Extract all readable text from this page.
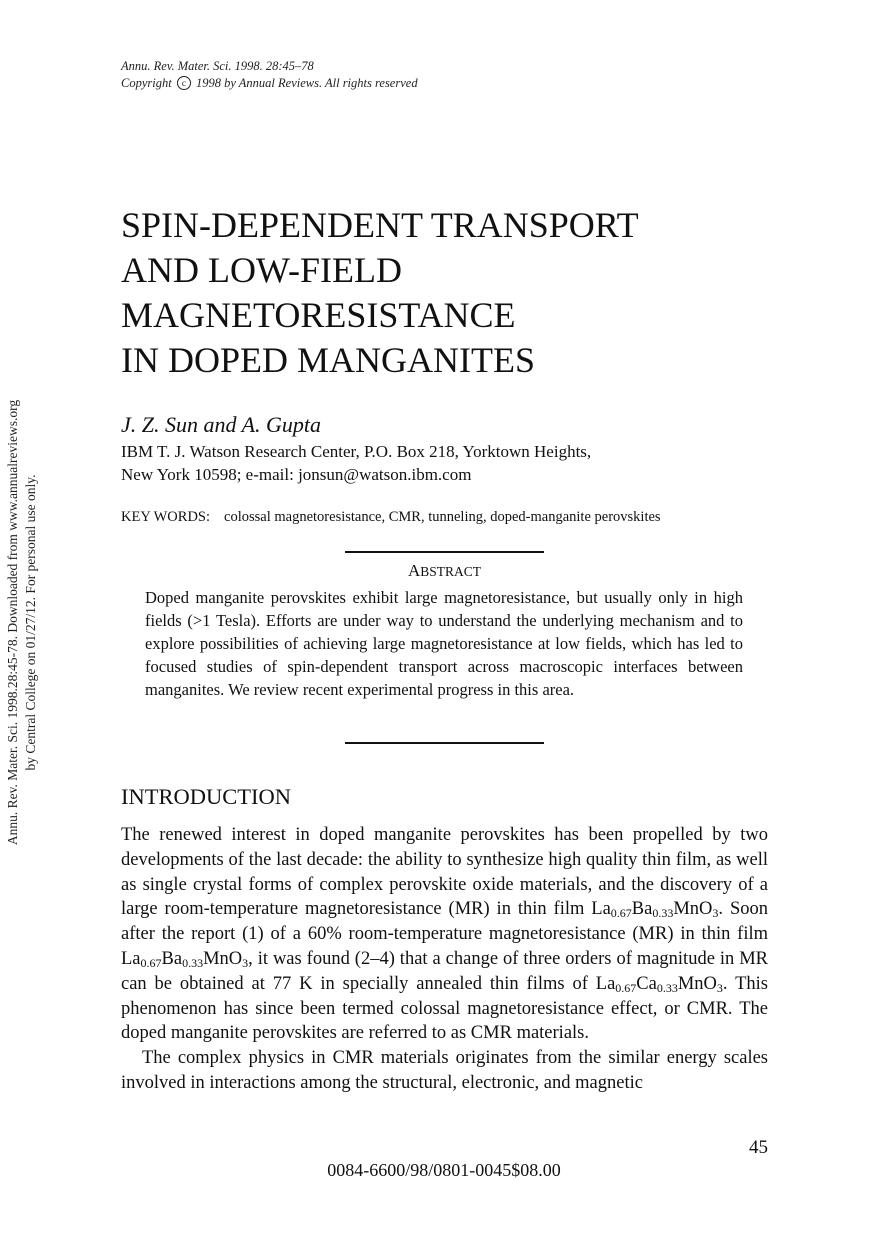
Annu. Rev. Mater. Sci. 1998. 28:45–78
Copyright c 1998 by Annual Reviews. All rights reserved
Annu. Rev. Mater. Sci. 1998.28:45-78. Downloaded from www.annualreviews.org by Central College on 01/27/12. For personal use only.
SPIN-DEPENDENT TRANSPORT
AND LOW-FIELD
MAGNETORESISTANCE
IN DOPED MANGANITES
J. Z. Sun and A. Gupta
IBM T. J. Watson Research Center, P.O. Box 218, Yorktown Heights,
New York 10598; e-mail: jonsun@watson.ibm.com
KEY WORDS: colossal magnetoresistance, CMR, tunneling, doped-manganite perovskites
ABSTRACT
Doped manganite perovskites exhibit large magnetoresistance, but usually only in high fields (>1 Tesla). Efforts are under way to understand the underlying mechanism and to explore possibilities of achieving large magnetoresistance at low fields, which has led to focused studies of spin-dependent transport across macroscopic interfaces between manganites. We review recent experimental progress in this area.
INTRODUCTION

The renewed interest in doped manganite perovskites has been propelled by two developments of the last decade: the ability to synthesize high quality thin film, as well as single crystal forms of complex perovskite oxide materials, and the discovery of a large room-temperature magnetoresistance (MR) in thin film $La_{0.67}Ba_{0.33}MnO_3$. Soon after the report (1) of a 60% room-temperature magnetoresistance (MR) in thin film $La_{0.67}Ba_{0.33}MnO_3$, it was found (2–4) that a change of three orders of magnitude in MR can be obtained at 77 K in specially annealed thin films of $La_{0.67}Ca_{0.33}MnO_3$. This phenomenon has since been termed colossal magnetoresistance effect, or CMR. The doped manganite perovskites are referred to as CMR materials.

The complex physics in CMR materials originates from the similar energy scales involved in interactions among the structural, electronic, and magnetic

45
0084-6600/98/0801-0045$08.00
